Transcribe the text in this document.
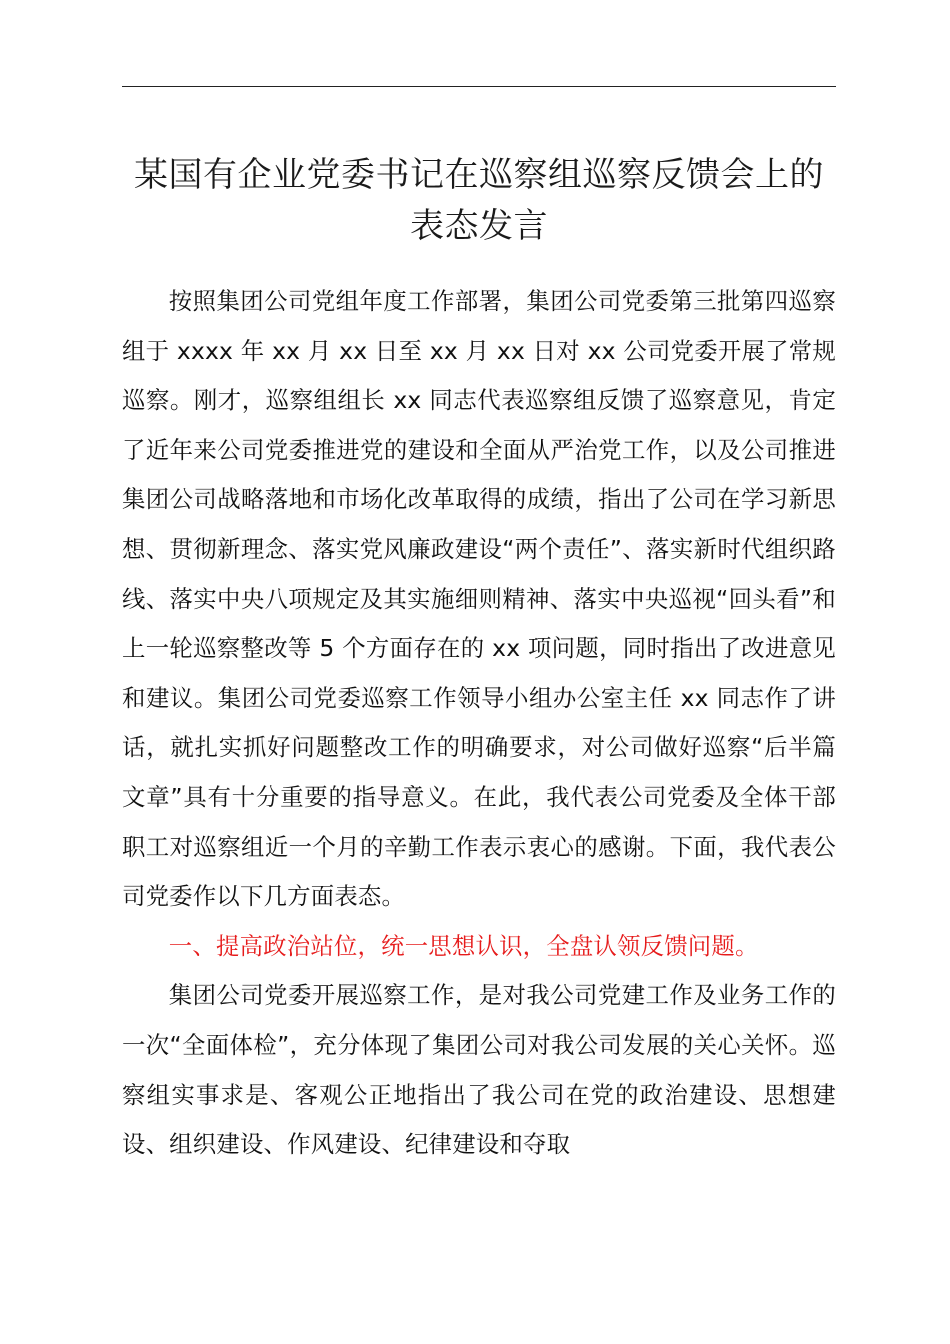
某国有企业党委书记在巡察组巡察反馈会上的
表态发言

按照集团公司党组年度工作部署，集团公司党委第三批第四巡察组于 xxxx 年 xx 月 xx 日至 xx 月 xx 日对 xx 公司党委开展了常规巡察。刚才，巡察组组长 xx 同志代表巡察组反馈了巡察意见，肯定了近年来公司党委推进党的建设和全面从严治党工作，以及公司推进集团公司战略落地和市场化改革取得的成绩，指出了公司在学习新思想、贯彻新理念、落实党风廉政建设“两个责任”、落实新时代组织路线、落实中央八项规定及其实施细则精神、落实中央巡视“回头看”和上一轮巡察整改等 5 个方面存在的 xx 项问题，同时指出了改进意见和建议。集团公司党委巡察工作领导小组办公室主任 xx 同志作了讲话，就扎实抓好问题整改工作的明确要求，对公司做好巡察“后半篇文章”具有十分重要的指导意义。在此，我代表公司党委及全体干部职工对巡察组近一个月的辛勤工作表示衷心的感谢。下面，我代表公司党委作以下几方面表态。

一、提高政治站位，统一思想认识，全盘认领反馈问题。

集团公司党委开展巡察工作，是对我公司党建工作及业务工作的一次“全面体检”，充分体现了集团公司对我公司发展的关心关怀。巡察组实事求是、客观公正地指出了我公司在党的政治建设、思想建设、组织建设、作风建设、纪律建设和夺取
